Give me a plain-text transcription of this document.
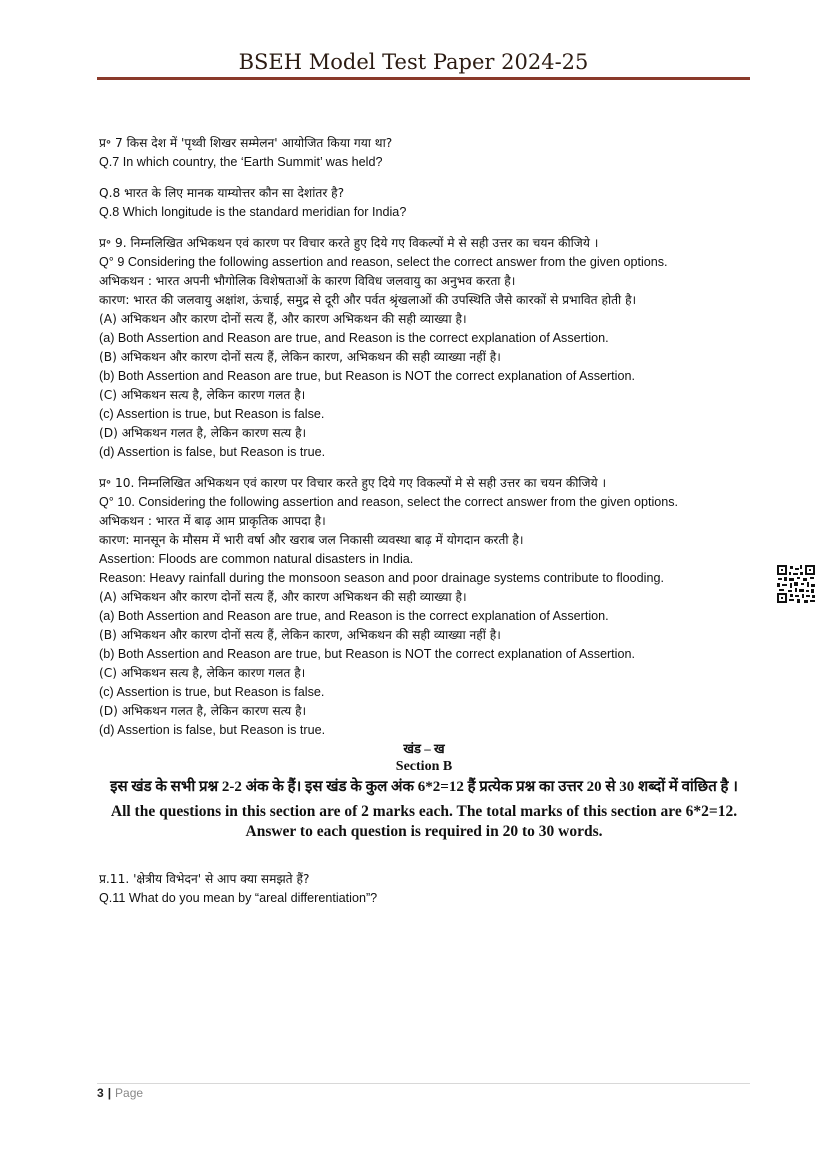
BSEH Model Test Paper 2024-25
प्र॰ 7 किस देश में 'पृथ्वी शिखर सम्मेलन' आयोजित किया गया था?
Q.7 In which country, the ‘Earth Summit’ was held?
Q.8 भारत के लिए मानक याम्योत्तर कौन सा देशांतर है?
Q.8 Which longitude is the standard meridian for India?
प्र॰ 9. निम्नलिखित अभिकथन एवं कारण पर विचार करते हुए दिये गए विकल्पों मे से सही उत्तर का चयन कीजिये ।
Q° 9 Considering the following assertion and reason, select the correct answer from the given options.
अभिकथन : भारत अपनी भौगोलिक विशेषताओं के कारण विविध जलवायु का अनुभव करता है।
कारण: भारत की जलवायु अक्षांश, ऊंचाई, समुद्र से दूरी और पर्वत श्रृंखलाओं की उपस्थिति जैसे कारकों से प्रभावित होती है।
(A) अभिकथन और कारण दोनों सत्य हैं, और कारण अभिकथन की सही व्याख्या है।
(a) Both Assertion and Reason are true, and Reason is the correct explanation of Assertion.
(B) अभिकथन और कारण दोनों सत्य हैं, लेकिन कारण, अभिकथन की सही व्याख्या नहीं है।
(b) Both Assertion and Reason are true, but Reason is NOT the correct explanation of Assertion.
(C) अभिकथन सत्य है, लेकिन कारण गलत है।
(c) Assertion is true, but Reason is false.
(D) अभिकथन गलत है, लेकिन कारण सत्य है।
(d) Assertion is false, but Reason is true.
प्र॰ 10. निम्नलिखित अभिकथन एवं कारण पर विचार करते हुए दिये गए विकल्पों मे से सही उत्तर का चयन कीजिये ।
Q° 10. Considering the following assertion and reason, select the correct answer from the given options.
अभिकथन : भारत में बाढ़ आम प्राकृतिक आपदा है।
कारण: मानसून के मौसम में भारी वर्षा और खराब जल निकासी व्यवस्था बाढ़ में योगदान करती है।
Assertion: Floods are common natural disasters in India.
Reason: Heavy rainfall during the monsoon season and poor drainage systems contribute to flooding.
(A) अभिकथन और कारण दोनों सत्य हैं, और कारण अभिकथन की सही व्याख्या है।
(a) Both Assertion and Reason are true, and Reason is the correct explanation of Assertion.
(B) अभिकथन और कारण दोनों सत्य हैं, लेकिन कारण, अभिकथन की सही व्याख्या नहीं है।
(b) Both Assertion and Reason are true, but Reason is NOT the correct explanation of Assertion.
(C) अभिकथन सत्य है, लेकिन कारण गलत है।
(c) Assertion is true, but Reason is false.
(D) अभिकथन गलत है, लेकिन कारण सत्य है।
(d) Assertion is false, but Reason is true.
खंड – ख
Section B
इस खंड के सभी प्रश्न 2-2 अंक के हैं। इस खंड के कुल अंक 6*2=12 हैं प्रत्येक प्रश्न का उत्तर 20 से 30 शब्दों में वांछित है ।
All the questions in this section are of 2 marks each. The total marks of this section are 6*2=12. Answer to each question is required in 20 to 30 words.
प्र.11. 'क्षेत्रीय विभेदन' से आप क्या समझते हैं?
Q.11 What do you mean by “areal differentiation”?
3 | Page
